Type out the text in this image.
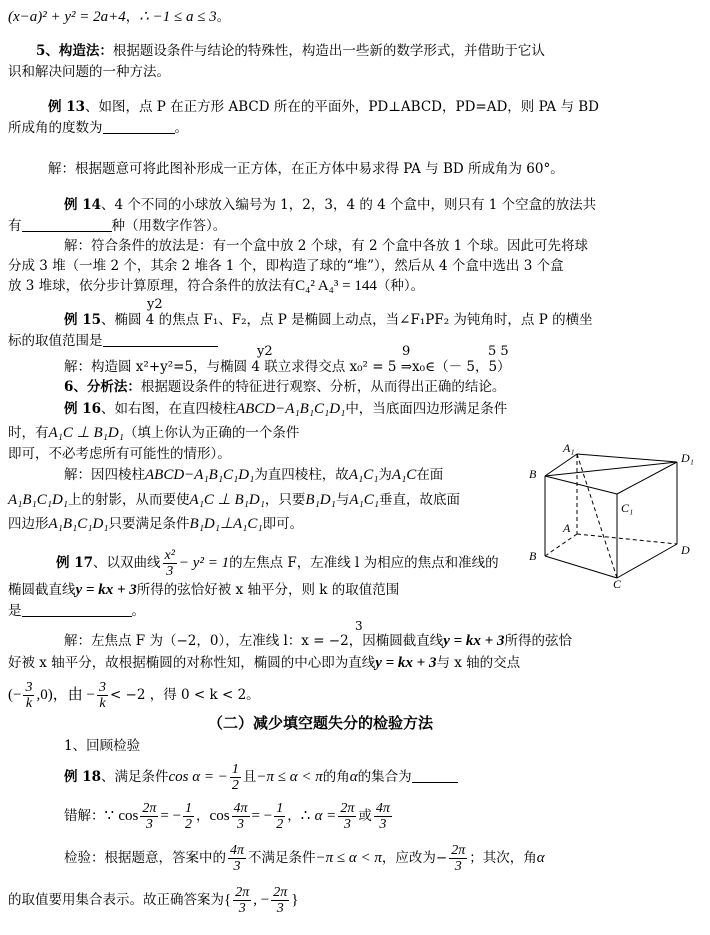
(x−a)² + y² = 2a+4，∴ −1 ≤ a ≤ 3。
5、构造法：根据题设条件与结论的特殊性，构造出一些新的数学形式，并借助于它认
识和解决问题的一种方法。
例 13、如图，点 P 在正方形 ABCD 所在的平面外，PD⊥ABCD，PD=AD，则 PA 与 BD
所成角的度数为	。
解：根据题意可将此图补形成一正方体，在正方体中易求得 PA 与 BD 所成角为 60°。
例 14、4 个不同的小球放入编号为 1，2，3，4 的 4 个盒中，则只有 1 个空盒的放法共
有	种（用数字作答）。
解：符合条件的放法是：有一个盒中放 2 个球，有 2 个盒中各放 1 个球。因此可先将球
分成 3 堆（一堆 2 个，其余 2 堆各 1 个，即构造了球的“堆”），然后从 4 个盒中选出 3 个盒
放 3 堆球，依分步计算原理，符合条件的放法有C₄² A₄³ = 144（种）。
y2
例 15、椭圆 4 的焦点 F₁、F₂，点 P 是椭圆上动点，当∠F₁PF₂ 为钝角时，点 P 的横坐
标的取值范围是
y2	9	5 5
解：构造圆 x²+y²=5，与椭圆 4 联立求得交点 x₀² = 5 ⇒x₀∈（－ 5，5）
6、分析法：根据题设条件的特征进行观察、分析，从而得出正确的结论。
例 16、如右图，在直四棱柱ABCD−A₁B₁C₁D₁中，当底面四边形满足条件
时，有A₁C ⊥ B₁D₁（填上你认为正确的一个条件
即可，不必考虑所有可能性的情形）。
解：因四棱柱ABCD−A₁B₁C₁D₁为直四棱柱，故A₁C₁为A₁C在面
A₁B₁C₁D₁上的射影，从而要使A₁C ⊥ B₁D₁，只要B₁D₁与A₁C₁垂直，故底面
四边形A₁B₁C₁D₁只要满足条件B₁D₁⊥A₁C₁即可。
A₁
D₁
B
C₁
A
B	D
C
例 17、以双曲线 $\frac{\text{x²}}{3} - y^2 = 1$的左焦点 F，左准线 l 为相应的焦点和准线的
椭圆截直线y = kx + 3所得的弦恰好被 x 轴平分，则 k 的取值范围
是	。
3
解：左焦点 F 为（−2，0），左准线 l：x = −2，因椭圆截直线y = kx + 3所得的弦恰
好被 x 轴平分，故根据椭圆的对称性知，椭圆的中心即为直线y = kx + 3与 x 轴的交点
(− $\frac{3}{k} ,0$)，由 − $\frac{3}{k} < -2$ ，得 0 < k < 2。
（二）减少填空题失分的检验方法
1、回顾检验
例 18、满足条件cos α = − $\frac{1}{2}$ 且−π ≤ α < π的角α的集合为
错解：∵ $\cos \frac{2\pi}{3}$ = − $\frac{1}{2}$ ，$\cos \frac{4\pi}{3}$ = − $\frac{1}{2}$ ，∴ $\alpha = \frac{2\pi}{3}$ 或 $\frac{4\pi}{3}$
检验：根据题意，答案中的 $\frac{4\pi}{3}$ 不满足条件−π ≤ α < π，应改为− $\frac{2\pi}{3}$ ；其次，角α
的取值要用集合表示。故正确答案为{ $\frac{2\pi}{3}$ , − $\frac{2\pi}{3}$ }
